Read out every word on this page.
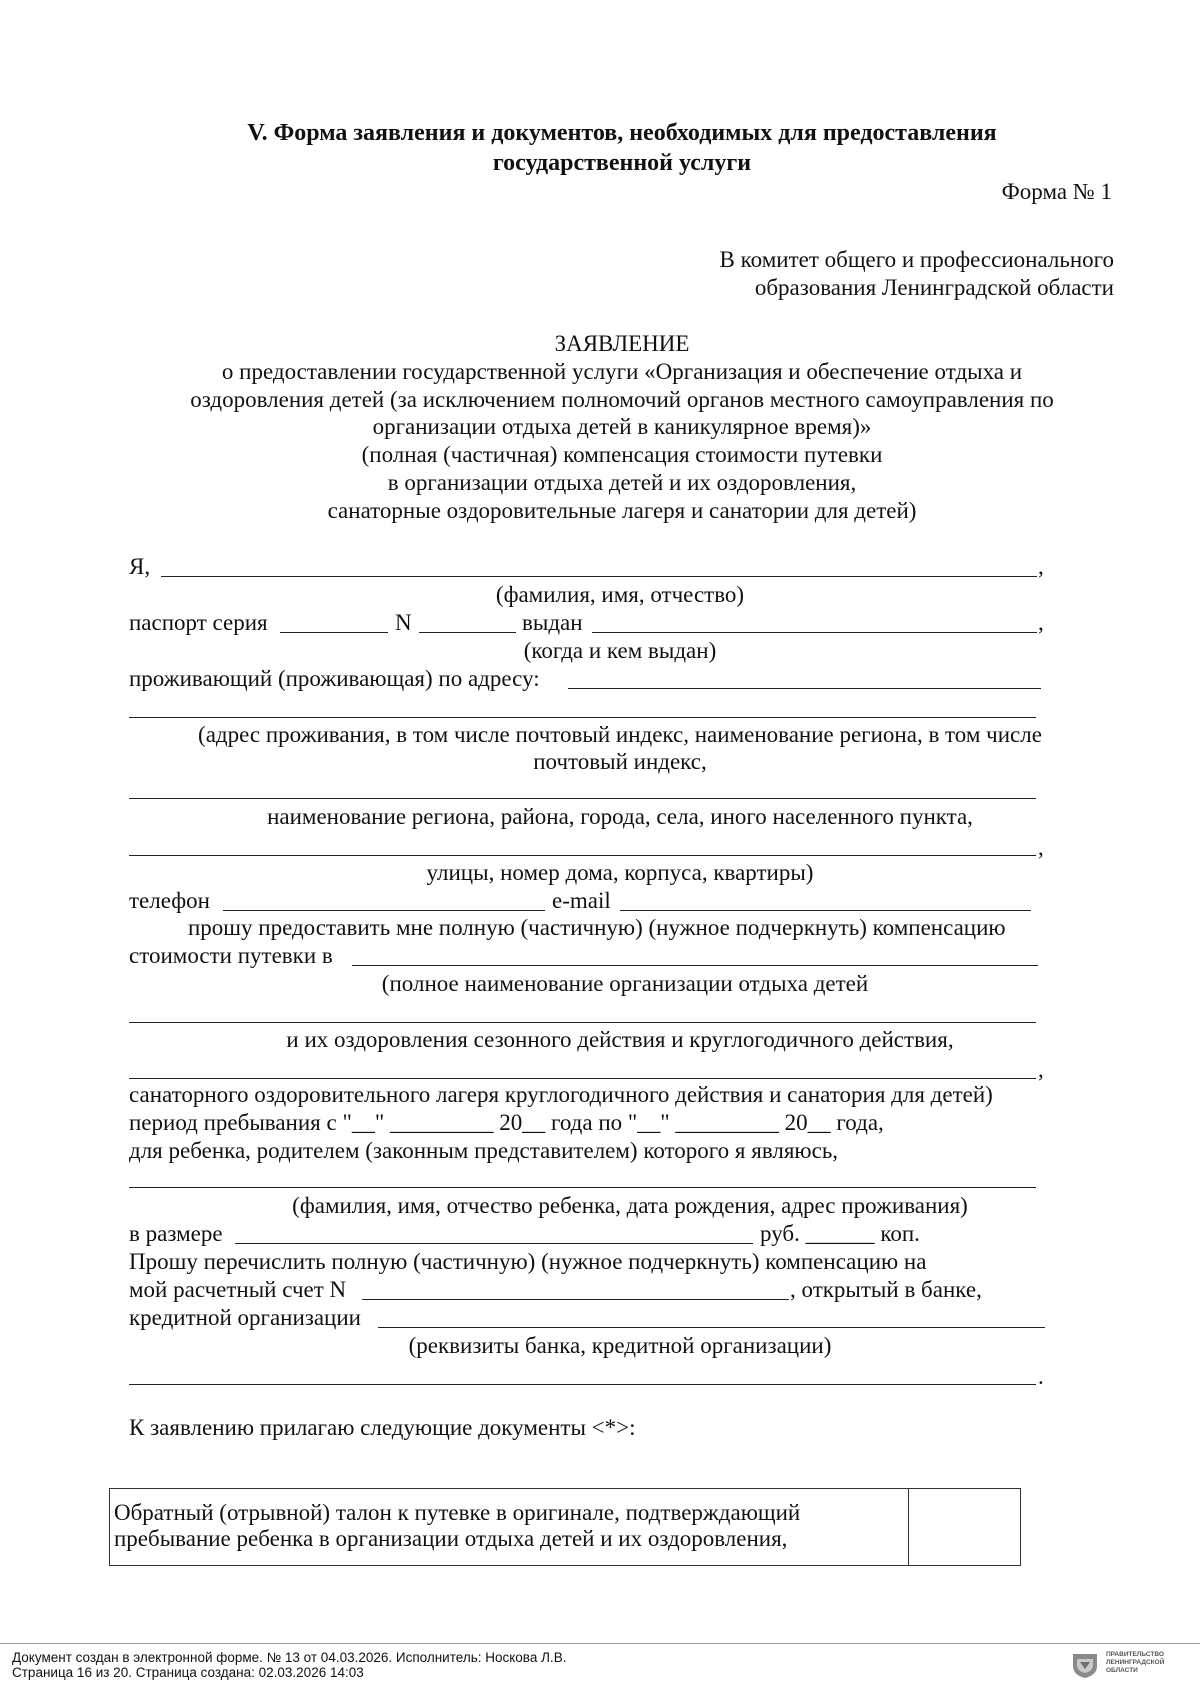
V. Форма заявления и документов, необходимых для предоставления
государственной услуги
Форма № 1
В комитет общего и профессионального
образования Ленинградской области
ЗАЯВЛЕНИЕ
о предоставлении государственной услуги «Организация и обеспечение отдыха и
оздоровления детей (за исключением полномочий органов местного самоуправления по
организации отдыха детей в каникулярное время)»
(полная (частичная) компенсация стоимости путевки
в организации отдыха детей и их оздоровления,
санаторные оздоровительные лагеря и санатории для детей)
Я,	,
(фамилия, имя, отчество)
паспорт серия	N	выдан	,
(когда и кем выдан)
проживающий (проживающая) по адресу:
(адрес проживания, в том числе почтовый индекс, наименование региона, в том числе
почтовый индекс,
наименование региона, района, города, села, иного населенного пункта,
,
улицы, номер дома, корпуса, квартиры)
телефон	e-mail
прошу предоставить мне полную (частичную) (нужное подчеркнуть) компенсацию
стоимости путевки в
(полное наименование организации отдыха детей
и их оздоровления сезонного действия и круглогодичного действия,
,
санаторного оздоровительного лагеря круглогодичного действия и санатория для детей)
период пребывания с "__" _________ 20__ года по "__" _________ 20__ года,
для ребенка, родителем (законным представителем) которого я являюсь,
(фамилия, имя, отчество ребенка, дата рождения, адрес проживания)
в размере	руб. ______ коп.
Прошу перечислить полную (частичную) (нужное подчеркнуть) компенсацию на
мой расчетный счет N	, открытый в банке,
кредитной организации
(реквизиты банка, кредитной организации)
.
К заявлению прилагаю следующие документы <*>:
Обратный (отрывной) талон к путевке в оригинале, подтверждающий
пребывание ребенка в организации отдыха детей и их оздоровления,
Документ создан в электронной форме. № 13 от 04.03.2026. Исполнитель: Носкова Л.В.
Страница 16 из 20. Страница создана: 02.03.2026 14:03
ПРАВИТЕЛЬСТВО
ЛЕНИНГРАДСКОЙ
ОБЛАСТИ
